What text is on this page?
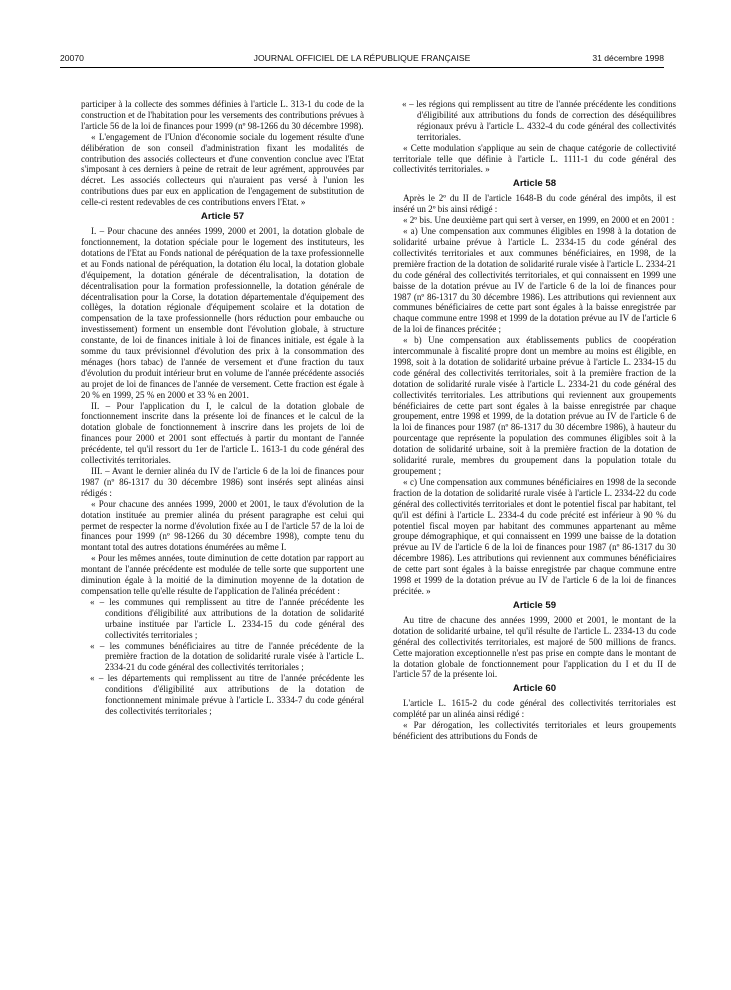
20070	JOURNAL OFFICIEL DE LA RÉPUBLIQUE FRANÇAISE	31 décembre 1998

participer à la collecte des sommes définies à l'article L. 313-1 du code de la construction et de l'habitation pour les versements des contributions prévues à l'article 56 de la loi de finances pour 1999 (nº 98-1266 du 30 décembre 1998).

« L'engagement de l'Union d'économie sociale du logement résulte d'une délibération de son conseil d'administration fixant les modalités de contribution des associés collecteurs et d'une convention conclue avec l'Etat s'imposant à ces derniers à peine de retrait de leur agrément, approuvées par décret. Les associés collecteurs qui n'auraient pas versé à l'union les contributions dues par eux en application de l'engagement de substitution de celle-ci restent redevables de ces contributions envers l'Etat. »

Article 57

I. – Pour chacune des années 1999, 2000 et 2001, la dotation globale de fonctionnement, la dotation spéciale pour le logement des instituteurs, les dotations de l'Etat au Fonds national de péréquation de la taxe professionnelle et au Fonds national de péréquation, la dotation élu local, la dotation globale d'équipement, la dotation générale de décentralisation, la dotation de décentralisation pour la formation professionnelle, la dotation générale de décentralisation pour la Corse, la dotation départementale d'équipement des collèges, la dotation régionale d'équipement scolaire et la dotation de compensation de la taxe professionnelle (hors réduction pour embauche ou investissement) forment un ensemble dont l'évolution globale, à structure constante, de loi de finances initiale à loi de finances initiale, est égale à la somme du taux prévisionnel d'évolution des prix à la consommation des ménages (hors tabac) de l'année de versement et d'une fraction du taux d'évolution du produit intérieur brut en volume de l'année précédente associés au projet de loi de finances de l'année de versement. Cette fraction est égale à 20 % en 1999, 25 % en 2000 et 33 % en 2001.

II. – Pour l'application du I, le calcul de la dotation globale de fonctionnement inscrite dans la présente loi de finances et le calcul de la dotation globale de fonctionnement à inscrire dans les projets de loi de finances pour 2000 et 2001 sont effectués à partir du montant de l'année précédente, tel qu'il ressort du 1er de l'article L. 1613-1 du code général des collectivités territoriales.

III. – Avant le dernier alinéa du IV de l'article 6 de la loi de finances pour 1987 (nº 86-1317 du 30 décembre 1986) sont insérés sept alinéas ainsi rédigés :

« Pour chacune des années 1999, 2000 et 2001, le taux d'évolution de la dotation instituée au premier alinéa du présent paragraphe est celui qui permet de respecter la norme d'évolution fixée au I de l'article 57 de la loi de finances pour 1999 (nº 98-1266 du 30 décembre 1998), compte tenu du montant total des autres dotations énumérées au même I.

« Pour les mêmes années, toute diminution de cette dotation par rapport au montant de l'année précédente est modulée de telle sorte que supportent une diminution égale à la moitié de la diminution moyenne de la dotation de compensation telle qu'elle résulte de l'application de l'alinéa précédent :

« – les communes qui remplissent au titre de l'année précédente les conditions d'éligibilité aux attributions de la dotation de solidarité urbaine instituée par l'article L. 2334-15 du code général des collectivités territoriales ;

« – les communes bénéficiaires au titre de l'année précédente de la première fraction de la dotation de solidarité rurale visée à l'article L. 2334-21 du code général des collectivités territoriales ;

« – les départements qui remplissent au titre de l'année précédente les conditions d'éligibilité aux attributions de la dotation de fonctionnement minimale prévue à l'article L. 3334-7 du code général des collectivités territoriales ;

« – les régions qui remplissent au titre de l'année précédente les conditions d'éligibilité aux attributions du fonds de correction des déséquilibres régionaux prévu à l'article L. 4332-4 du code général des collectivités territoriales.

« Cette modulation s'applique au sein de chaque catégorie de collectivité territoriale telle que définie à l'article L. 1111-1 du code général des collectivités territoriales. »

Article 58

Après le 2º du II de l'article 1648-B du code général des impôts, il est inséré un 2º bis ainsi rédigé :

« 2º bis. Une deuxième part qui sert à verser, en 1999, en 2000 et en 2001 :

« a) Une compensation aux communes éligibles en 1998 à la dotation de solidarité urbaine prévue à l'article L. 2334-15 du code général des collectivités territoriales et aux communes bénéficiaires, en 1998, de la première fraction de la dotation de solidarité rurale visée à l'article L. 2334-21 du code général des collectivités territoriales, et qui connaissent en 1999 une baisse de la dotation prévue au IV de l'article 6 de la loi de finances pour 1987 (nº 86-1317 du 30 décembre 1986). Les attributions qui reviennent aux communes bénéficiaires de cette part sont égales à la baisse enregistrée par chaque commune entre 1998 et 1999 de la dotation prévue au IV de l'article 6 de la loi de finances précitée ;

« b) Une compensation aux établissements publics de coopération intercommunale à fiscalité propre dont un membre au moins est éligible, en 1998, soit à la dotation de solidarité urbaine prévue à l'article L. 2334-15 du code général des collectivités territoriales, soit à la première fraction de la dotation de solidarité rurale visée à l'article L. 2334-21 du code général des collectivités territoriales. Les attributions qui reviennent aux groupements bénéficiaires de cette part sont égales à la baisse enregistrée par chaque groupement, entre 1998 et 1999, de la dotation prévue au IV de l'article 6 de la loi de finances pour 1987 (nº 86-1317 du 30 décembre 1986), à hauteur du pourcentage que représente la population des communes éligibles soit à la dotation de solidarité urbaine, soit à la première fraction de la dotation de solidarité rurale, membres du groupement dans la population totale du groupement ;

« c) Une compensation aux communes bénéficiaires en 1998 de la seconde fraction de la dotation de solidarité rurale visée à l'article L. 2334-22 du code général des collectivités territoriales et dont le potentiel fiscal par habitant, tel qu'il est défini à l'article L. 2334-4 du code précité est inférieur à 90 % du potentiel fiscal moyen par habitant des communes appartenant au même groupe démographique, et qui connaissent en 1999 une baisse de la dotation prévue au IV de l'article 6 de la loi de finances pour 1987 (nº 86-1317 du 30 décembre 1986). Les attributions qui reviennent aux communes bénéficiaires de cette part sont égales à la baisse enregistrée par chaque commune entre 1998 et 1999 de la dotation prévue au IV de l'article 6 de la loi de finances précitée. »

Article 59

Au titre de chacune des années 1999, 2000 et 2001, le montant de la dotation de solidarité urbaine, tel qu'il résulte de l'article L. 2334-13 du code général des collectivités territoriales, est majoré de 500 millions de francs. Cette majoration exceptionnelle n'est pas prise en compte dans le montant de la dotation globale de fonctionnement pour l'application du I et du II de l'article 57 de la présente loi.

Article 60

L'article L. 1615-2 du code général des collectivités territoriales est complété par un alinéa ainsi rédigé :

« Par dérogation, les collectivités territoriales et leurs groupements bénéficient des attributions du Fonds de
